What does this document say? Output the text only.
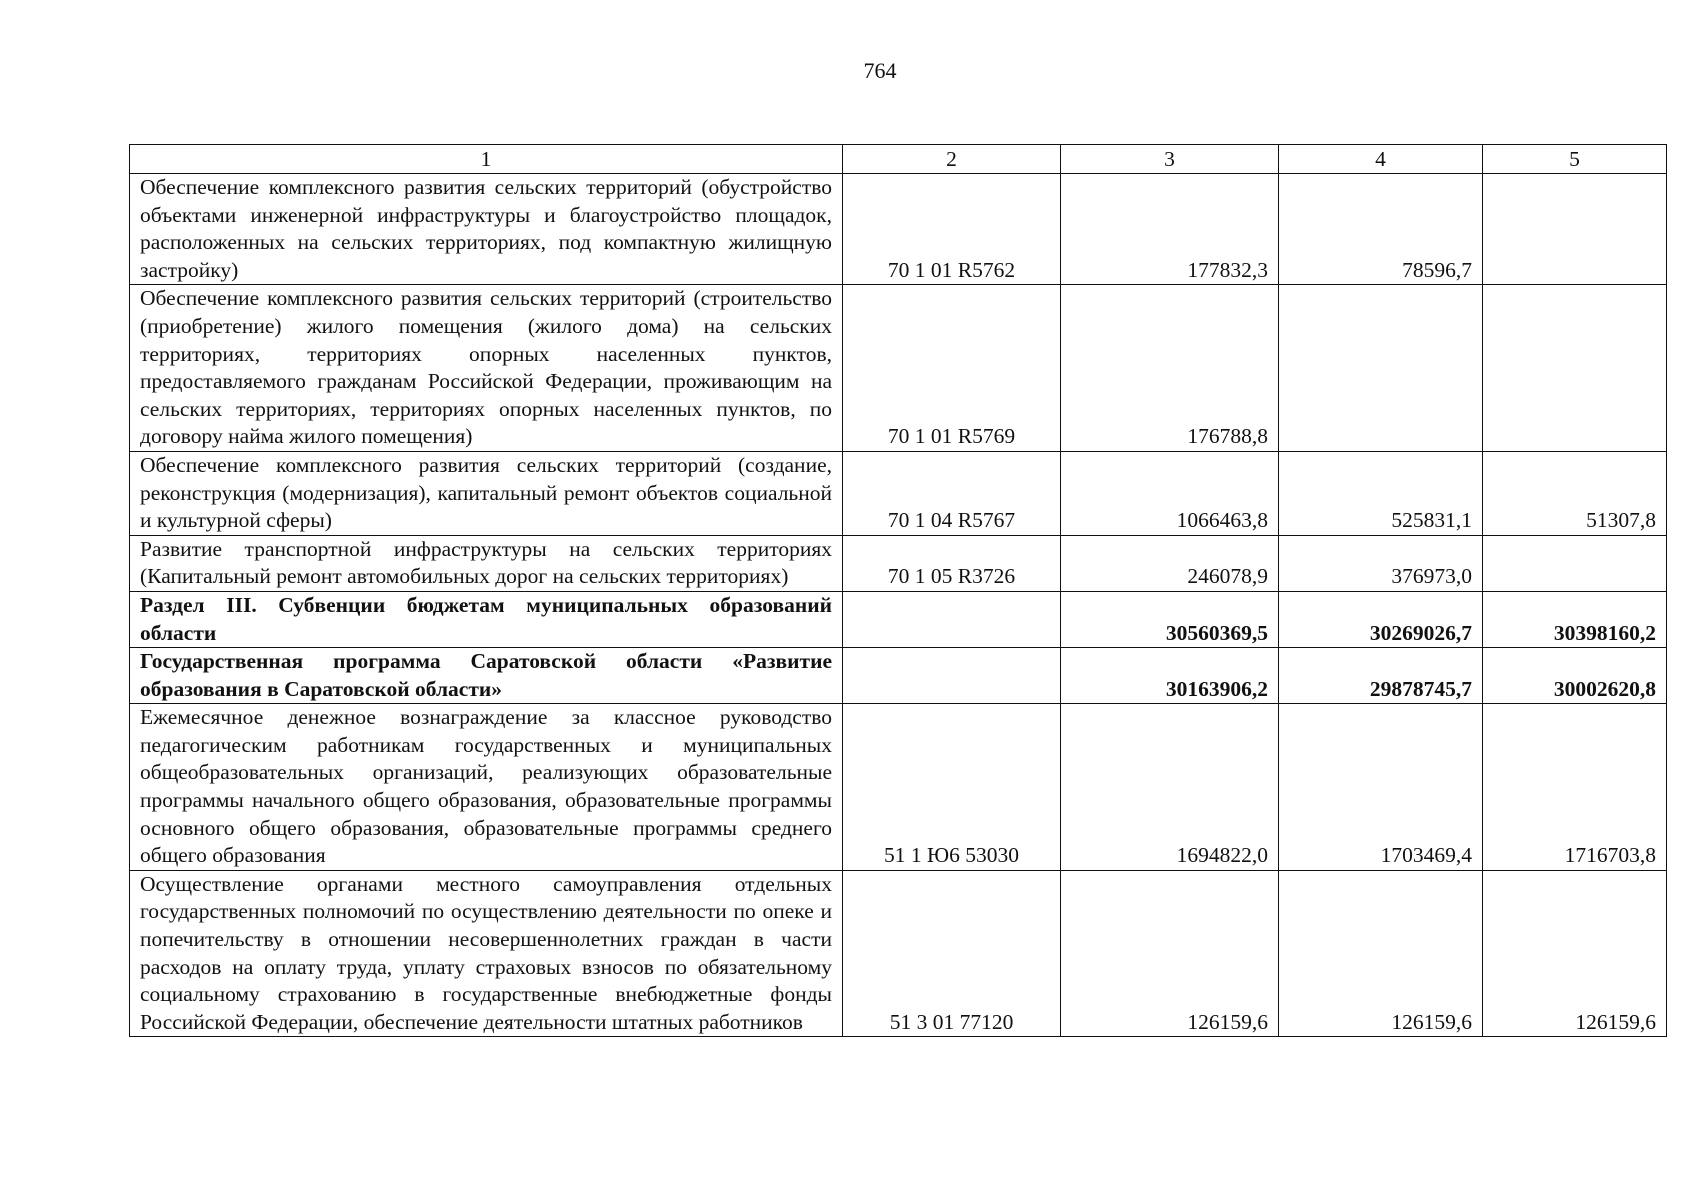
764
1	2	3	4	5
Обеспечение комплексного развития сельских территорий (обустройство объектами инженерной инфраструктуры и благоустройство площадок, расположенных на сельских территориях, под компактную жилищную застройку)	70 1 01 R5762	177832,3	78596,7	
Обеспечение комплексного развития сельских территорий (строительство (приобретение) жилого помещения (жилого дома) на сельских территориях, территориях опорных населенных пунктов, предоставляемого гражданам Российской Федерации, проживающим на сельских территориях, территориях опорных населенных пунктов, по договору найма жилого помещения)	70 1 01 R5769	176788,8		
Обеспечение комплексного развития сельских территорий (создание, реконструкция (модернизация), капитальный ремонт объектов социальной и культурной сферы)	70 1 04 R5767	1066463,8	525831,1	51307,8
Развитие транспортной инфраструктуры на сельских территориях (Капитальный ремонт автомобильных дорог на сельских территориях)	70 1 05 R3726	246078,9	376973,0	
Раздел III. Субвенции бюджетам муниципальных образований области		30560369,5	30269026,7	30398160,2
Государственная программа Саратовской области «Развитие образования в Саратовской области»		30163906,2	29878745,7	30002620,8
Ежемесячное денежное вознаграждение за классное руководство педагогическим работникам государственных и муниципальных общеобразовательных организаций, реализующих образовательные программы начального общего образования, образовательные программы основного общего образования, образовательные программы среднего общего образования	51 1 Ю6 53030	1694822,0	1703469,4	1716703,8
Осуществление органами местного самоуправления отдельных государственных полномочий по осуществлению деятельности по опеке и попечительству в отношении несовершеннолетних граждан в части расходов на оплату труда, уплату страховых взносов по обязательному социальному страхованию в государственные внебюджетные фонды Российской Федерации, обеспечение деятельности штатных работников	51 3 01 77120	126159,6	126159,6	126159,6
